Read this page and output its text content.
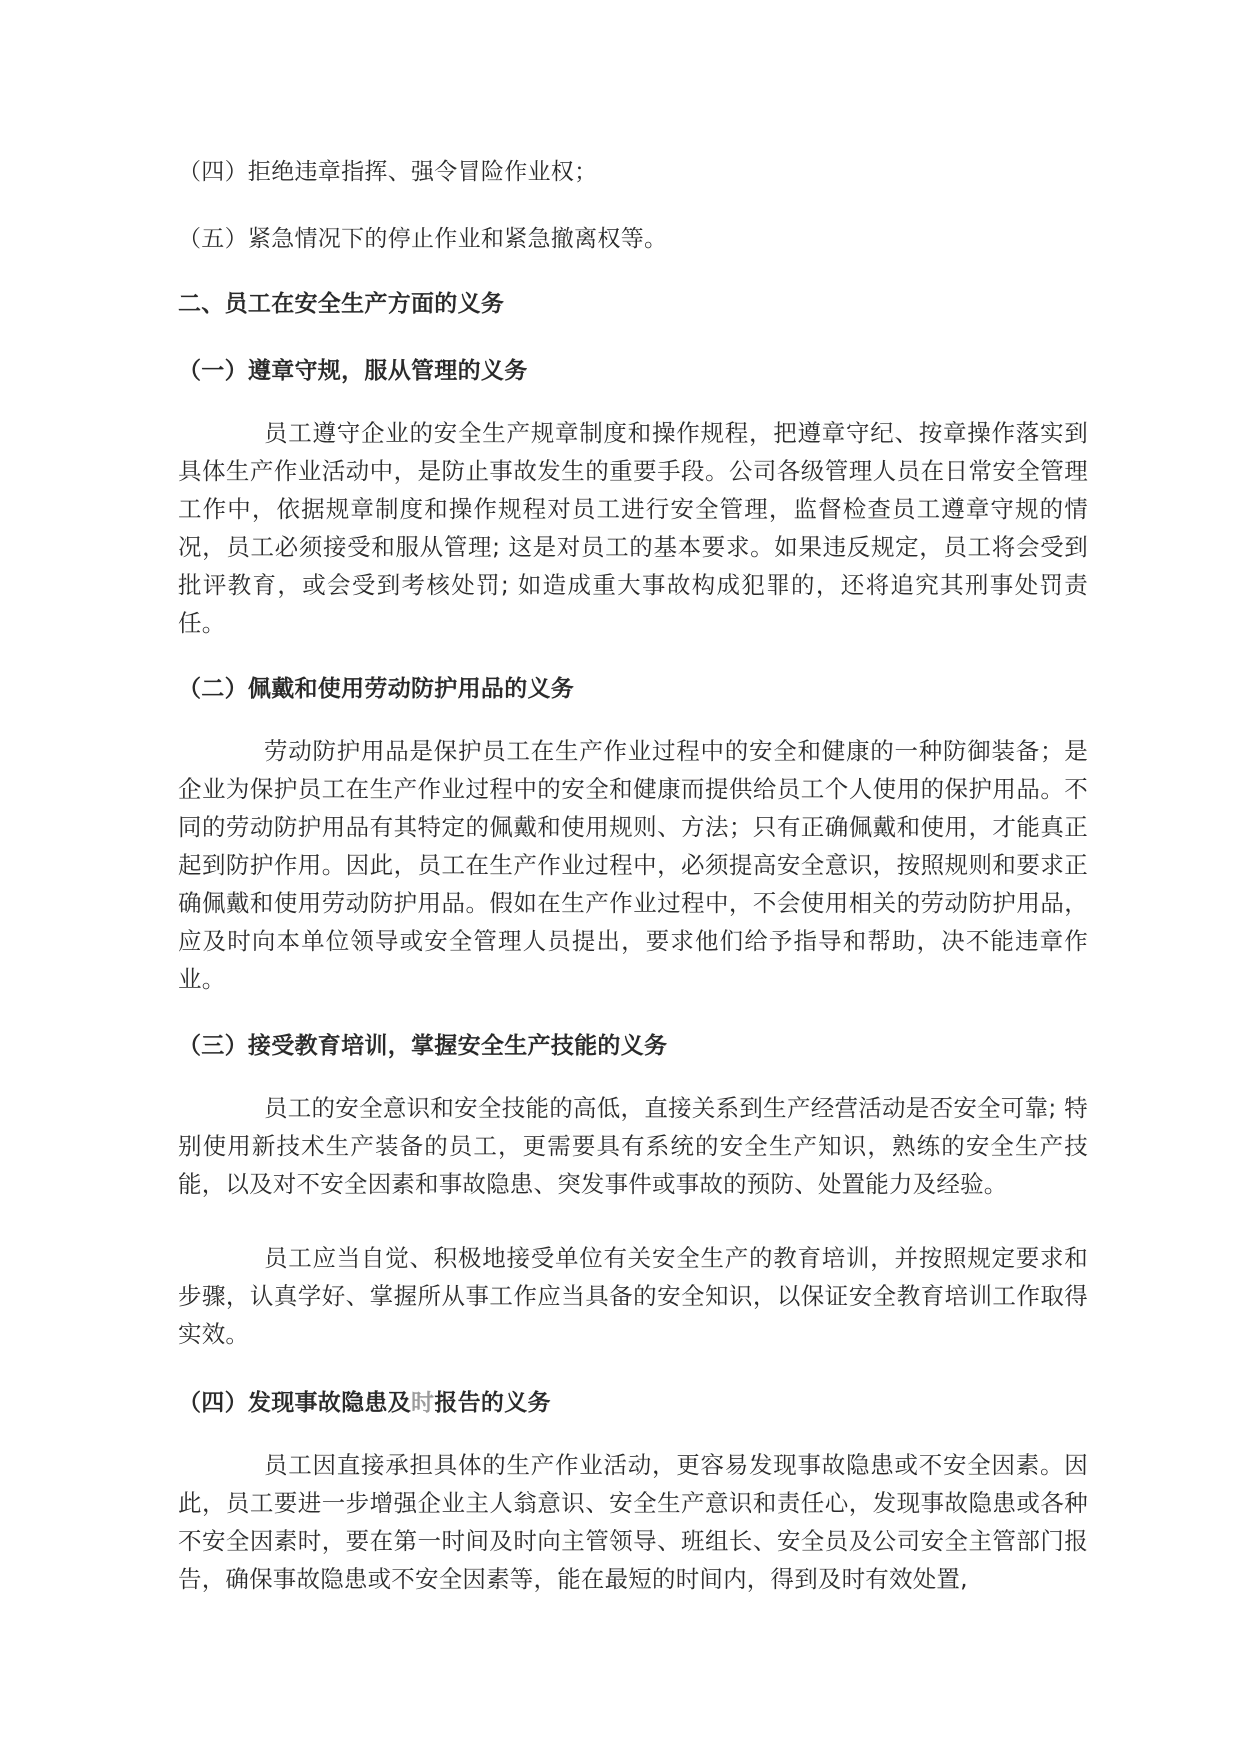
（四）拒绝违章指挥、强令冒险作业权；
（五）紧急情况下的停止作业和紧急撤离权等。
二、员工在安全生产方面的义务
（一）遵章守规，服从管理的义务
员工遵守企业的安全生产规章制度和操作规程，把遵章守纪、按章操作落实到具体生产作业活动中，是防止事故发生的重要手段。公司各级管理人员在日常安全管理工作中，依据规章制度和操作规程对员工进行安全管理，监督检查员工遵章守规的情况，员工必须接受和服从管理; 这是对员工的基本要求。如果违反规定，员工将会受到批评教育，或会受到考核处罚; 如造成重大事故构成犯罪的，还将追究其刑事处罚责任。
（二）佩戴和使用劳动防护用品的义务
劳动防护用品是保护员工在生产作业过程中的安全和健康的一种防御装备；是企业为保护员工在生产作业过程中的安全和健康而提供给员工个人使用的保护用品。不同的劳动防护用品有其特定的佩戴和使用规则、方法；只有正确佩戴和使用，才能真正起到防护作用。因此，员工在生产作业过程中，必须提高安全意识，按照规则和要求正确佩戴和使用劳动防护用品。假如在生产作业过程中，不会使用相关的劳动防护用品，应及时向本单位领导或安全管理人员提出，要求他们给予指导和帮助，决不能违章作业。
（三）接受教育培训，掌握安全生产技能的义务
员工的安全意识和安全技能的高低，直接关系到生产经营活动是否安全可靠; 特别使用新技术生产装备的员工，更需要具有系统的安全生产知识，熟练的安全生产技能，以及对不安全因素和事故隐患、突发事件或事故的预防、处置能力及经验。
员工应当自觉、积极地接受单位有关安全生产的教育培训，并按照规定要求和步骤，认真学好、掌握所从事工作应当具备的安全知识，以保证安全教育培训工作取得实效。
（四）发现事故隐患及时报告的义务
员工因直接承担具体的生产作业活动，更容易发现事故隐患或不安全因素。因此，员工要进一步增强企业主人翁意识、安全生产意识和责任心，发现事故隐患或各种不安全因素时，要在第一时间及时向主管领导、班组长、安全员及公司安全主管部门报告，确保事故隐患或不安全因素等，能在最短的时间内，得到及时有效处置,
